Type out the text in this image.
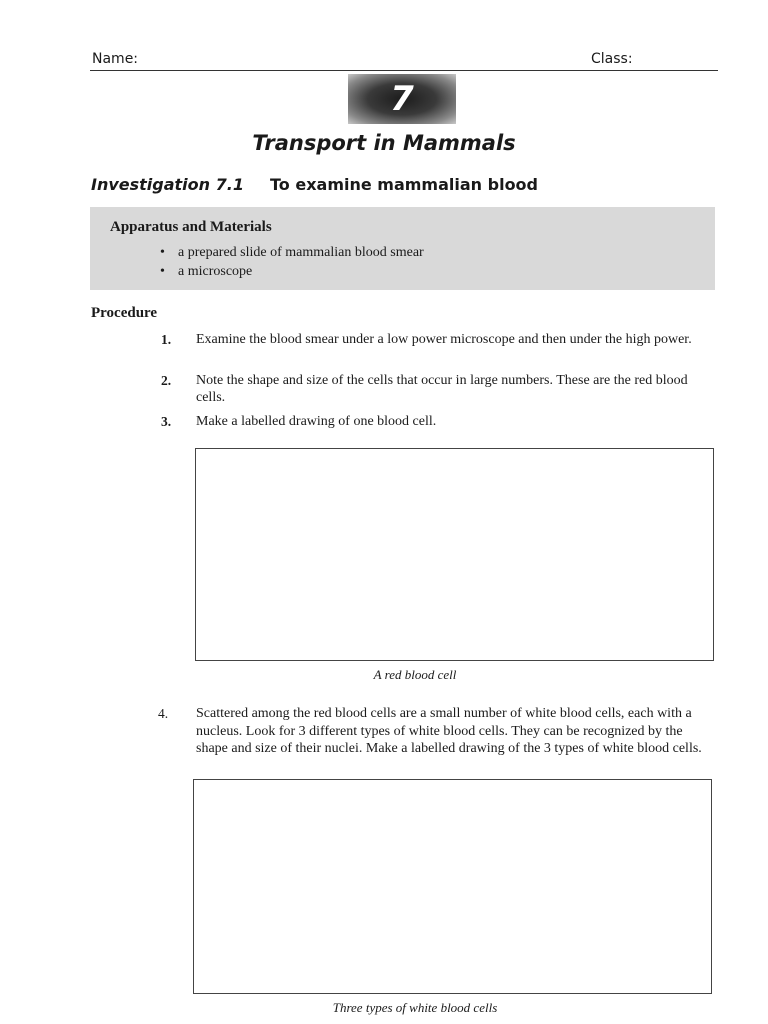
Name:	Class:
7
Transport in Mammals
Investigation 7.1 To examine mammalian blood
Apparatus and Materials
• a prepared slide of mammalian blood smear
• a microscope
Procedure
1. Examine the blood smear under a low power microscope and then under the high power.
2. Note the shape and size of the cells that occur in large numbers. These are the red blood cells.
3. Make a labelled drawing of one blood cell.
A red blood cell
4. Scattered among the red blood cells are a small number of white blood cells, each with a nucleus. Look for 3 different types of white blood cells. They can be recognized by the shape and size of their nuclei. Make a labelled drawing of the 3 types of white blood cells.
Three types of white blood cells
